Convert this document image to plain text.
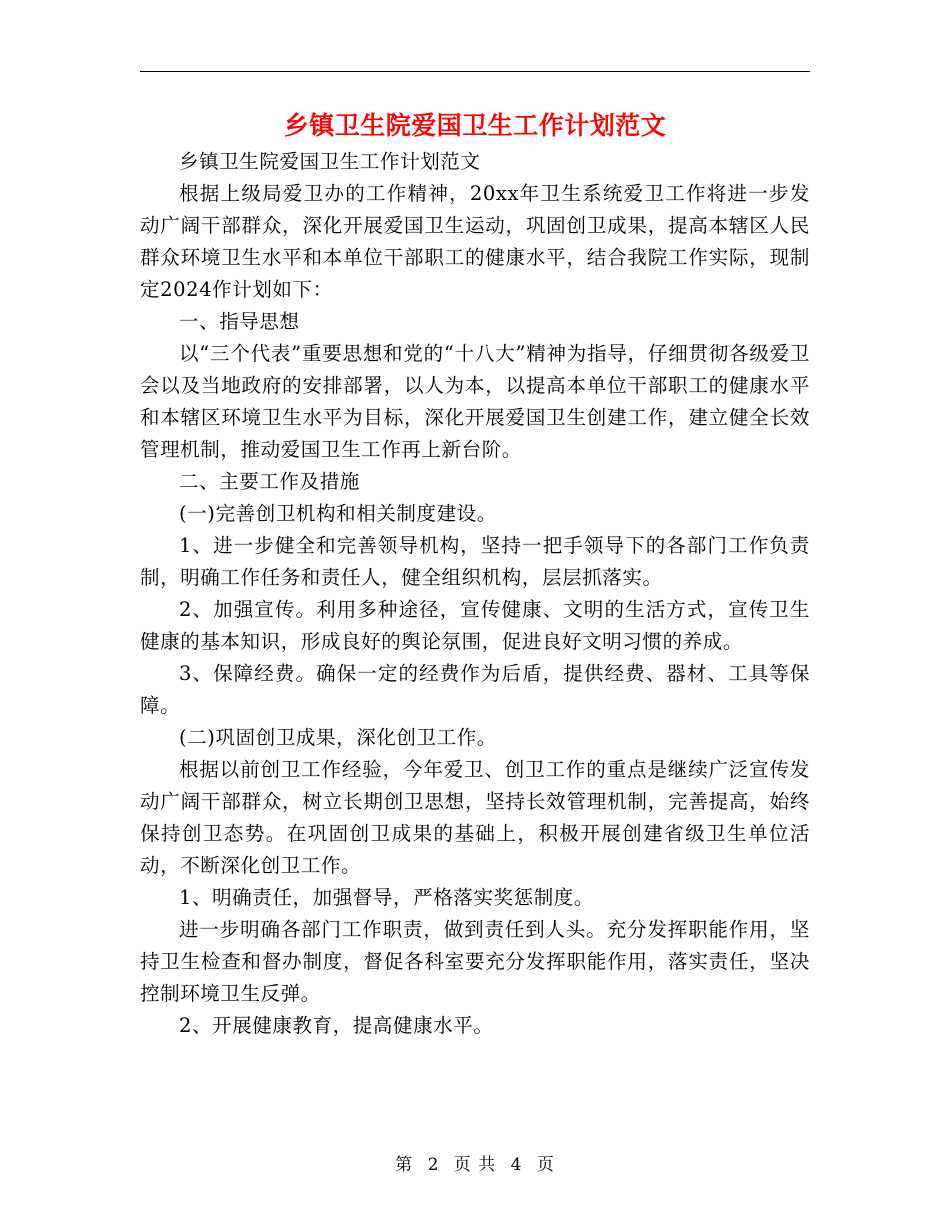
乡镇卫生院爱国卫生工作计划范文

乡镇卫生院爱国卫生工作计划范文

根据上级局爱卫办的工作精神，20xx年卫生系统爱卫工作将进一步发动广阔干部群众，深化开展爱国卫生运动，巩固创卫成果，提高本辖区人民群众环境卫生水平和本单位干部职工的健康水平，结合我院工作实际，现制定2024作计划如下：

一、指导思想

以“三个代表”重要思想和党的“十八大”精神为指导，仔细贯彻各级爱卫会以及当地政府的安排部署，以人为本，以提高本单位干部职工的健康水平和本辖区环境卫生水平为目标，深化开展爱国卫生创建工作，建立健全长效管理机制，推动爱国卫生工作再上新台阶。

二、主要工作及措施

(一)完善创卫机构和相关制度建设。

1、进一步健全和完善领导机构，坚持一把手领导下的各部门工作负责制，明确工作任务和责任人，健全组织机构，层层抓落实。

2、加强宣传。利用多种途径，宣传健康、文明的生活方式，宣传卫生健康的基本知识，形成良好的舆论氛围，促进良好文明习惯的养成。

3、保障经费。确保一定的经费作为后盾，提供经费、器材、工具等保障。

(二)巩固创卫成果，深化创卫工作。

根据以前创卫工作经验，今年爱卫、创卫工作的重点是继续广泛宣传发动广阔干部群众，树立长期创卫思想，坚持长效管理机制，完善提高，始终保持创卫态势。在巩固创卫成果的基础上，积极开展创建省级卫生单位活动，不断深化创卫工作。

1、明确责任，加强督导，严格落实奖惩制度。

进一步明确各部门工作职责，做到责任到人头。充分发挥职能作用，坚持卫生检查和督办制度，督促各科室要充分发挥职能作用，落实责任，坚决控制环境卫生反弹。

2、开展健康教育，提高健康水平。

第 2 页 共 4 页
